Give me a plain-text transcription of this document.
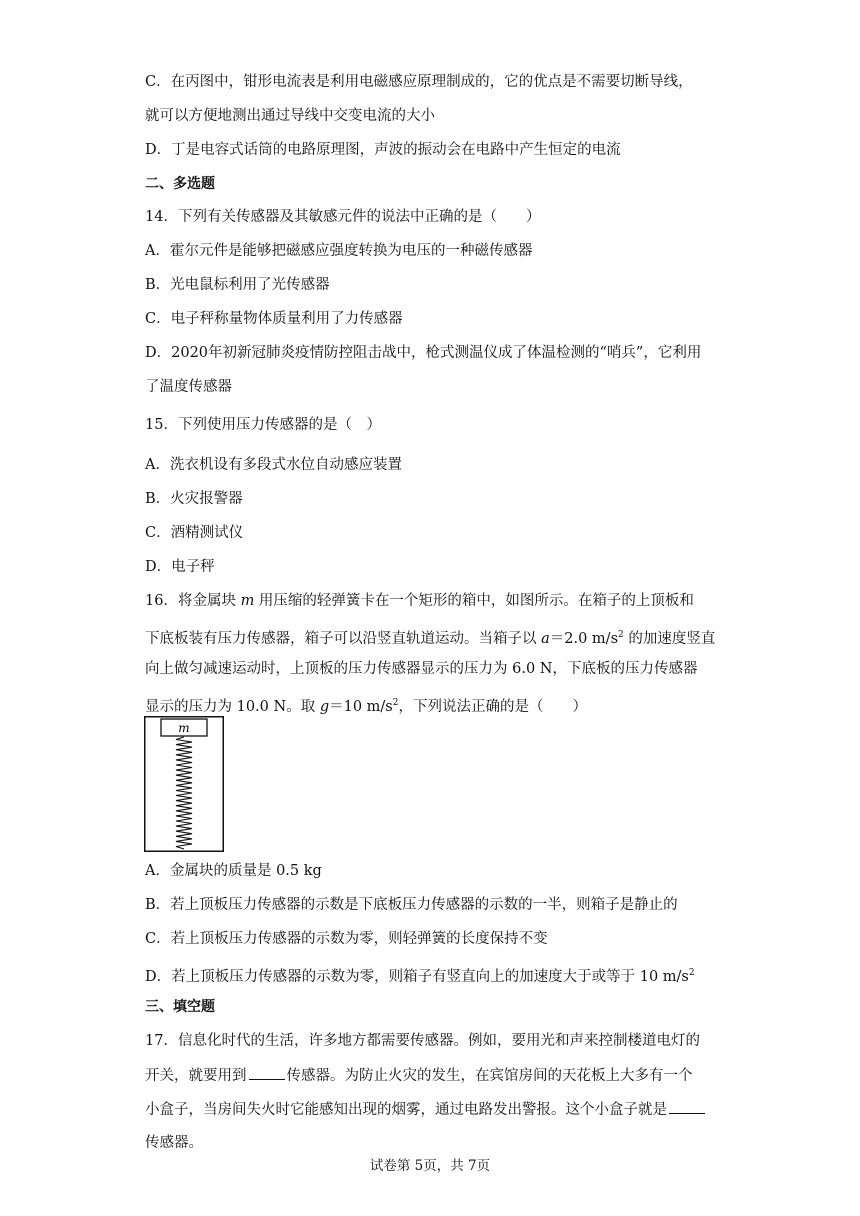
C．在丙图中，钳形电流表是利用电磁感应原理制成的，它的优点是不需要切断导线，
就可以方便地测出通过导线中交变电流的大小
D．丁是电容式话筒的电路原理图，声波的振动会在电路中产生恒定的电流
二、多选题
14．下列有关传感器及其敏感元件的说法中正确的是（　　）
A．霍尔元件是能够把磁感应强度转换为电压的一种磁传感器
B．光电鼠标利用了光传感器
C．电子秤称量物体质量利用了力传感器
D．2020年初新冠肺炎疫情防控阻击战中，枪式测温仪成了体温检测的“哨兵”，它利用
了温度传感器
15．下列使用压力传感器的是（　）
A．洗衣机设有多段式水位自动感应装置
B．火灾报警器
C．酒精测试仪
D．电子秤
16．将金属块 m 用压缩的轻弹簧卡在一个矩形的箱中，如图所示。在箱子的上顶板和
下底板装有压力传感器，箱子可以沿竖直轨道运动。当箱子以 a＝2.0 $m/s^2$ 的加速度竖直
向上做匀减速运动时，上顶板的压力传感器显示的压力为 6.0 N，下底板的压力传感器
显示的压力为 10.0 N。取 g＝10 $m/s^2$，下列说法正确的是（　　）
m
A．金属块的质量是 0.5 kg
B．若上顶板压力传感器的示数是下底板压力传感器的示数的一半，则箱子是静止的
C．若上顶板压力传感器的示数为零，则轻弹簧的长度保持不变
D．若上顶板压力传感器的示数为零，则箱子有竖直向上的加速度大于或等于 10 $m/s^2$
三、填空题
17．信息化时代的生活，许多地方都需要传感器。例如，要用光和声来控制楼道电灯的
开关，就要用到	传感器。为防止火灾的发生，在宾馆房间的天花板上大多有一个
小盒子，当房间失火时它能感知出现的烟雾，通过电路发出警报。这个小盒子就是
传感器。
试卷第 5页，共 7页
